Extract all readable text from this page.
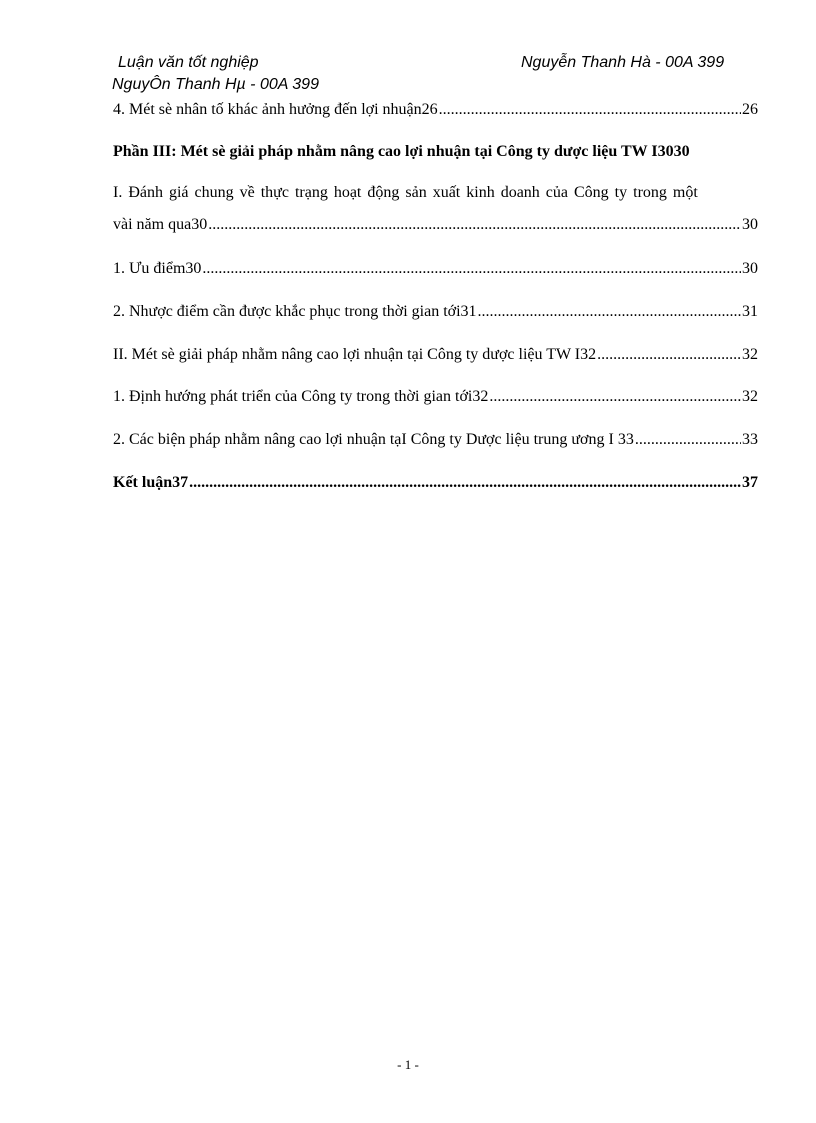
Luận văn tốt nghiệp	Nguyễn Thanh Hà - 00A 399
NguyÔn Thanh Hµ - 00A 399
4. Mét sè nhân tố khác ảnh hưởng đến lợi nhuận26 .....	26
Phần III: Mét sè giải pháp nhằm nâng cao lợi nhuận tại Công ty dược liệu TW I3030
I. Đánh giá chung về thực trạng hoạt động sản xuất kinh doanh của Công ty trong một
vài năm qua30 .....	30
1. Ưu điểm30 .....	30
2. Nhược điểm cần được khắc phục trong thời gian tới31 .....	31
II. Mét sè giải pháp nhằm nâng cao lợi nhuận tại Công ty dược liệu TW I32 .....	32
1. Định hướng phát triển của Công ty trong thời gian tới32 .....	32
2. Các biện pháp nhằm nâng cao lợi nhuận tạI Công ty Dược liệu trung ương I 33 .....	33
Kết luận37 .....	37
- 1 -
